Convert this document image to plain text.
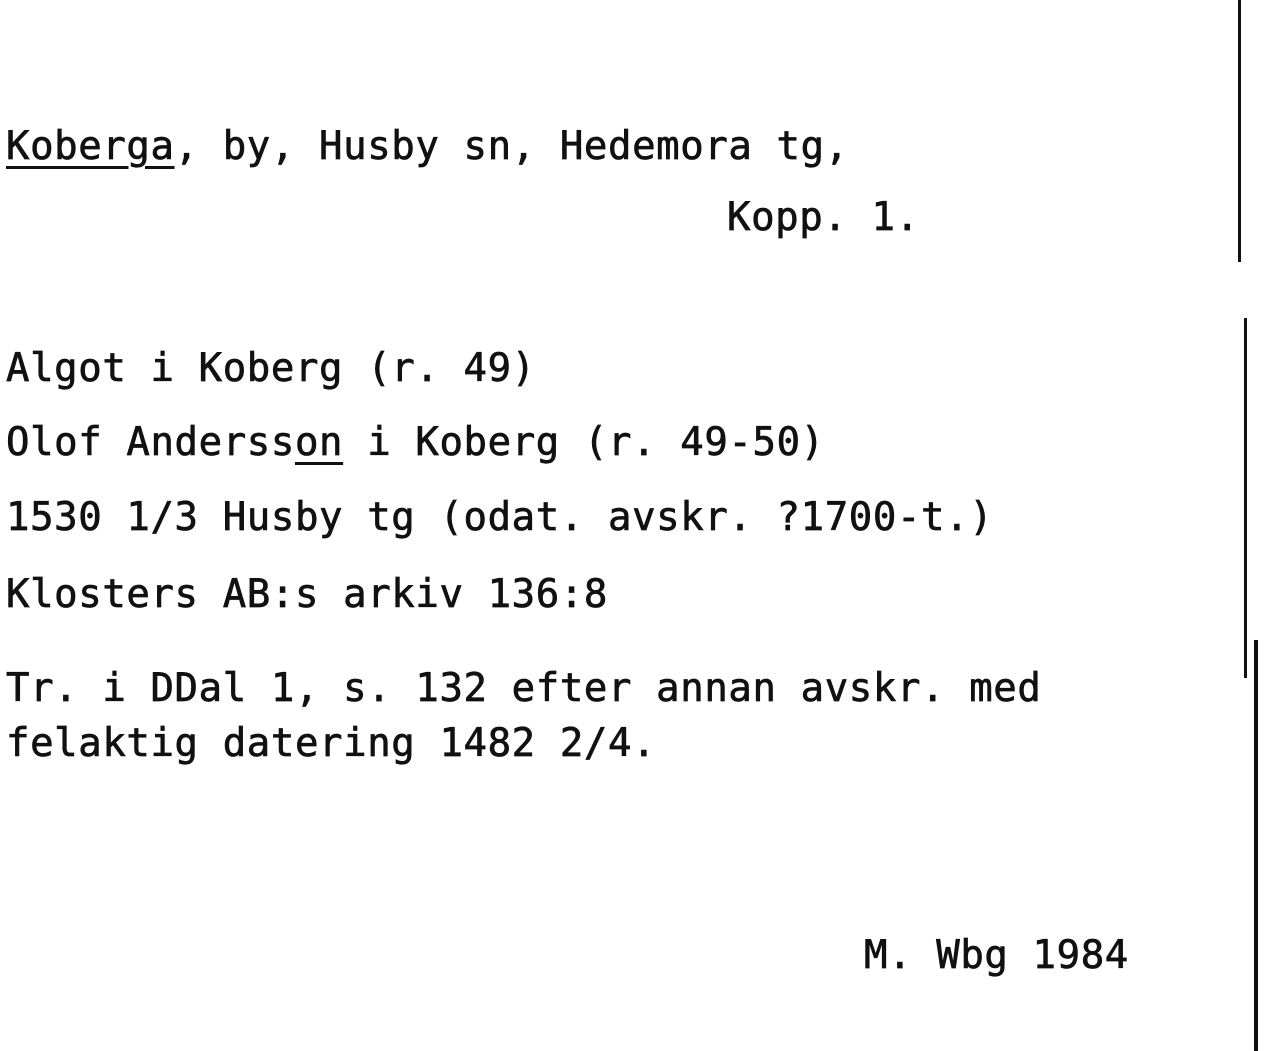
Koberga, by, Husby sn, Hedemora tg,
Kopp. 1.
Algot i Koberg (r. 49)
Olof Andersson i Koberg (r. 49-50)
1530 1/3 Husby tg (odat. avskr. ?1700-t.)
Klosters AB:s arkiv 136:8
Tr. i DDal 1, s. 132 efter annan avskr. med
felaktig datering 1482 2/4.
M. Wbg 1984
